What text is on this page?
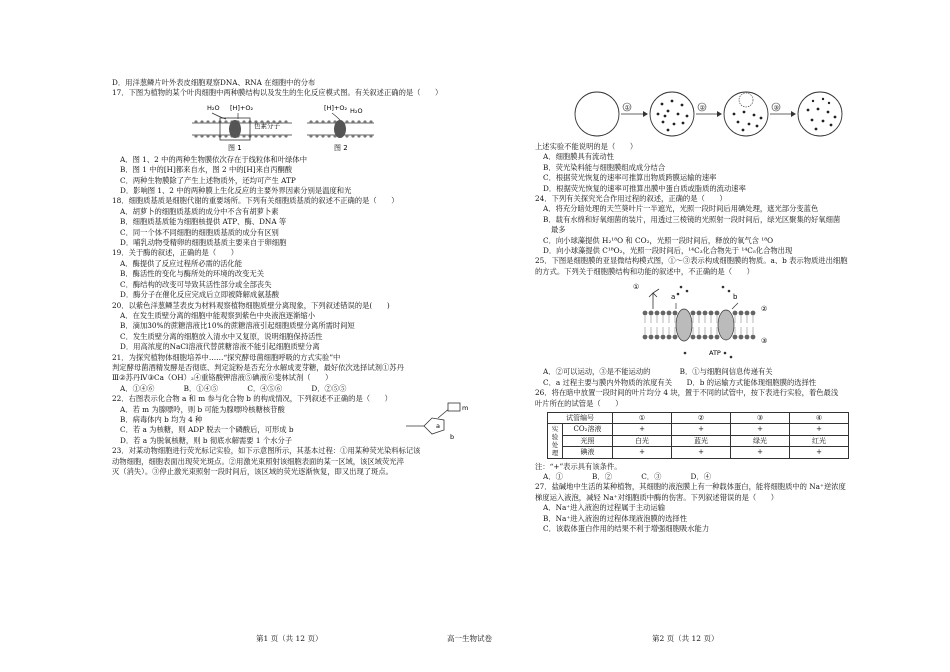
D．用洋葱鳞片叶外表皮细胞观察DNA、RNA 在细胞中的分布
17．下图为植物的某个叶肉细胞中两种膜结构以及发生的生化反应模式图。有关叙述正确的是（　　）
H₂O [H]+O₂
色素分子
图 1
[H]+O₂ H₂O
图 2
A．图 1、2 中的两种生物膜依次存在于线粒体和叶绿体中
B．图 1 中的[H]都来自水，图 2 中的[H]来自丙酮酸
C．两种生物膜除了产生上述物质外，还均可产生 ATP
D．影响图 1、2 中的两种膜上生化反应的主要外界因素分别是温度和光
18．细胞质基质是细胞代谢的重要场所。下列有关细胞质基质的叙述不正确的是（　　）
A．胡萝卜的细胞质基质的成分中不含有胡萝卜素
B．细胞质基质能为细胞核提供 ATP、酶、DNA 等
C．同一个体不同细胞的细胞质基质的成分有区别
D．哺乳动物受精卵的细胞质基质主要来自于卵细胞
19．关于酶的叙述，正确的是（　　）
A．酶提供了反应过程所必需的活化能
B．酶活性的变化与酶所处的环境的改变无关
C．酶结构的改变可导致其活性部分或全部丧失
D．酶分子在催化反应完成后立即被降解成氨基酸
20．以紫色洋葱鳞茎表皮为材料观察植物细胞质壁分离现象，下列叙述错误的是(　　)
A．在发生质壁分离的细胞中能观察到紫色中央液泡逐渐缩小
B．滴加30%的蔗糖溶液比10%的蔗糖溶液引起细胞质壁分离所需时间短
C．发生质壁分离的细胞放入清水中又复原，说明细胞保持活性
D．用高浓度的NaCl溶液代替蔗糖溶液不能引起细胞质壁分离
21．为探究植物体细胞培养中……“探究酵母菌细胞呼吸的方式实验”中
判定酵母菌酒精发酵是否彻底、判定淀粉是否充分水解成麦芽糖，最好依次选择试剂①苏丹
Ⅲ②苏丹Ⅳ③Ca（OH）₂④重铬酸钾溶液⑤碘液⑥斐林试剂（　　）
A．①④⑥　　　　B．①④⑤　　　　C．④⑤⑥　　　　D．②⑤⑤
22．右图表示化合物 a 和 m 参与化合物 b 的构成情况，下列叙述不正确的是（　　）
A．若 m 为腺嘌呤，则 b 可能为腺嘌呤核糖核苷酸
B．病毒体内 b 均为 4 种
C．若 a 为核糖，则 ADP 脱去一个磷酸后，可形成 b
D．若 a 为脱氧核糖，则 b 彻底水解需要 1 个水分子
a
m
b
23．对某动物细胞进行荧光标记实验，如下示意图所示，其基本过程：①用某种荧光染料标记该
动物细胞，细胞表面出现荧光斑点。②用激光束照射该细胞表面的某一区域，该区域荧光淬
灭（消失）。③停止激光束照射一段时间后，该区域的荧光逐渐恢复，即又出现了斑点。
①	②	③
上述实验不能说明的是（　　）
A．细胞膜具有流动性
B．荧光染料能与细胞膜组成成分结合
C．根据荧光恢复的速率可推算出物质跨膜运输的速率
D．根据荧光恢复的速率可推算出膜中蛋白质或脂质的流动速率
24．下列有关探究光合作用过程的叙述，正确的是（　　）
A．将充分暗处理的天竺葵叶片一半遮光，光照一段时间后用碘处理，遮光部分变蓝色
B．载有水绵和好氧细菌的装片，用透过三棱镜的光照射一段时间后，绿光区聚集的好氧细菌
最多
C．向小球藻提供 H₂¹⁸O 和 CO₂，光照一段时间后，释放的氧气含 ¹⁸O
D．向小球藻提供 C¹⁸O₂，光照一段时间后，¹⁴C₃化合物先于 ¹⁴C₅化合物出现
25．下图是细胞膜的亚显微结构模式图，①～③表示构成细胞膜的物质。a、b 表示物质进出细胞
的方式。下列关于细胞膜结构和功能的叙述中，不正确的是（　　）
①
②
③
a	b
ATP
A．②可以运动，③是不能运动的　　　　B．①与细胞间信息传递有关
C．a 过程主要与膜内外物质的浓度有关　　D．b 的运输方式能体现细胞膜的选择性
26．将在暗中放置一段时间的叶片均分 4 块，置于不同的试管中，按下表进行实验，着色最浅
叶片所在的试管是（　　）
试管编号		①	②	③	④
实验处理	CO₂溶液	+	+	+	+
	光照	白光	蓝光	绿光	红光
	碘液	+	+	+	+
注：“+”表示具有该条件。
A．①　　　　B．②　　　　C．③　　　　D．④
27．盐碱地中生活的某种植物，其细胞的液泡膜上有一种载体蛋白，能将细胞质中的 Na⁺逆浓度
梯度运入液泡，减轻 Na⁺对细胞质中酶的伤害。下列叙述错误的是（　　）
A．Na⁺进入液泡的过程属于主动运输
B．Na⁺进入液泡的过程体现液泡膜的选择性
C．该载体蛋白作用的结果不利于增强细胞吸水能力
第1 页（共 12 页）	高一生物试卷	第2 页（共 12 页）
